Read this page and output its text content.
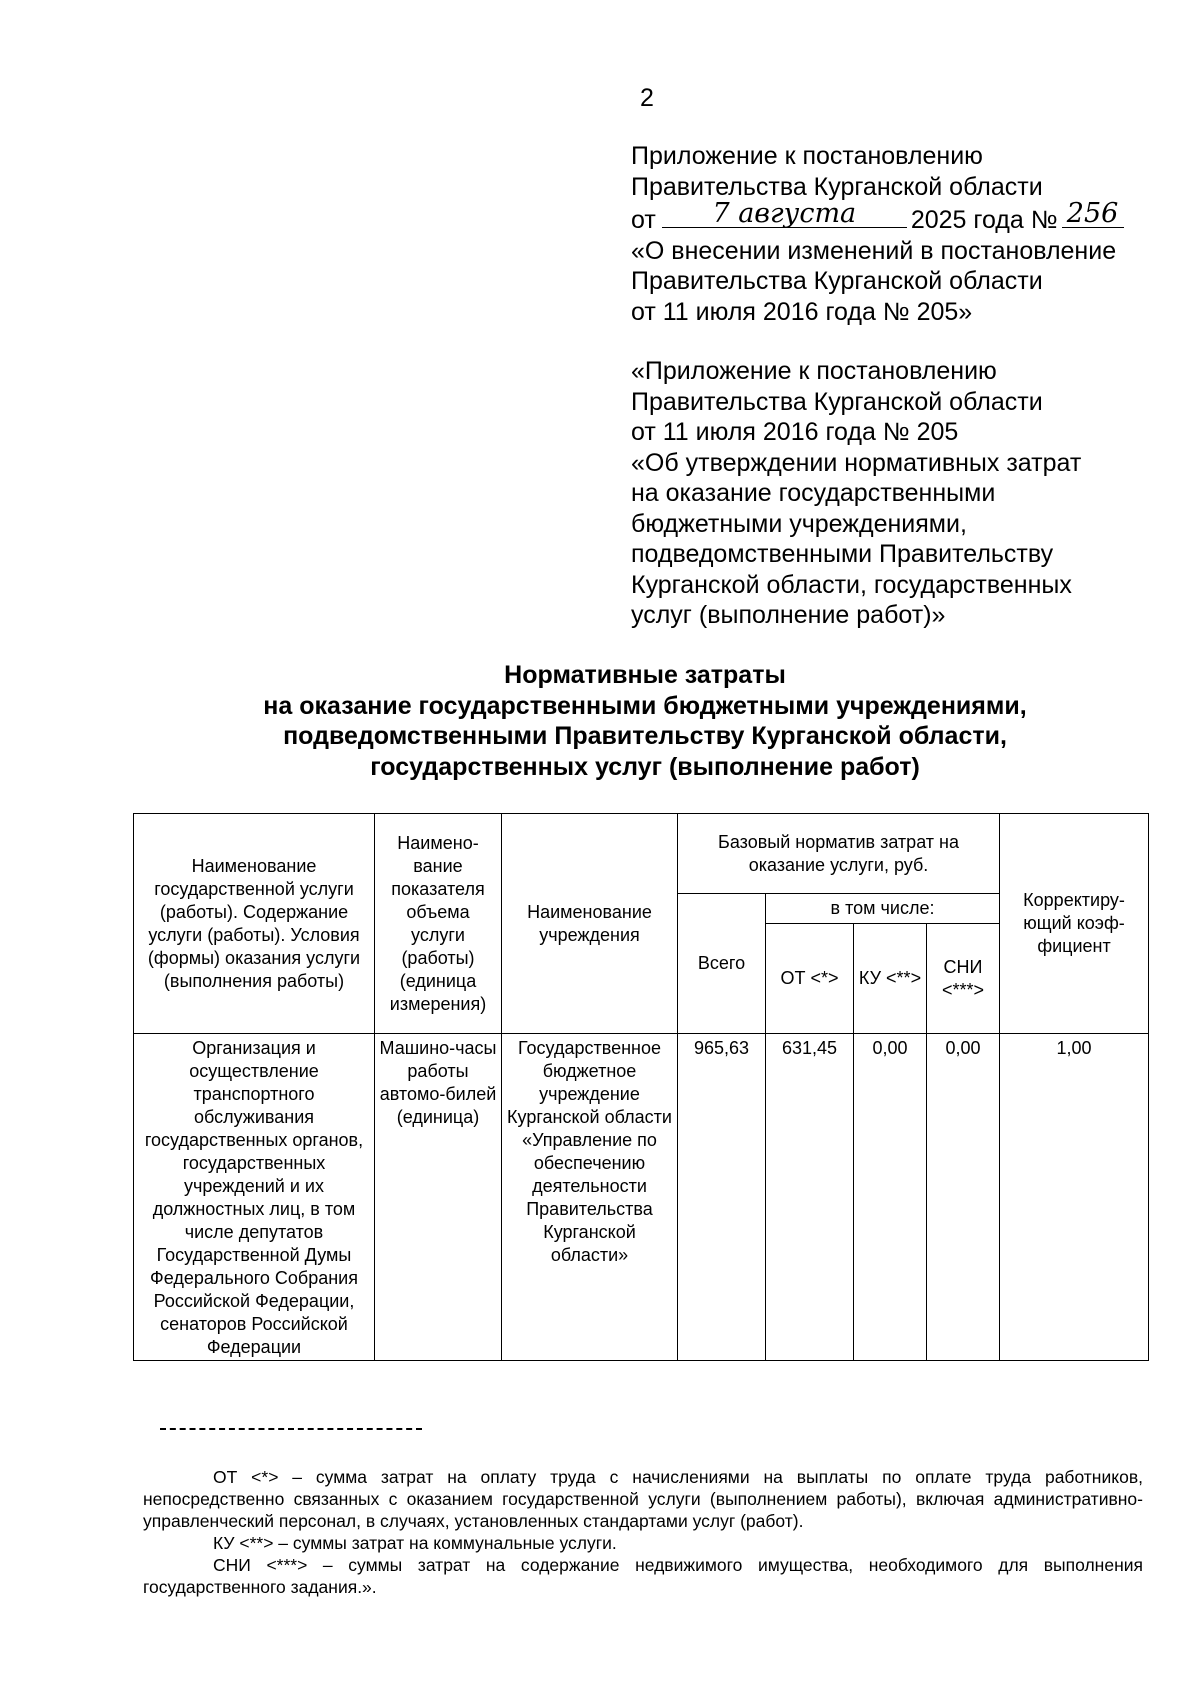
2
Приложение к постановлению
Правительства Курганской области
от	7 августа	2025 года № 256
«О внесении изменений в постановление
Правительства Курганской области
от 11 июля 2016 года № 205»
«Приложение к постановлению
Правительства Курганской области
от 11 июля 2016 года № 205
«Об утверждении нормативных затрат
на оказание государственными
бюджетными учреждениями,
подведомственными Правительству
Курганской области, государственных
услуг (выполнение работ)»
Нормативные затраты
на оказание государственными бюджетными учреждениями,
подведомственными Правительству Курганской области,
государственных услуг (выполнение работ)
Наименование государственной услуги (работы). Содержание услуги (работы). Условия (формы) оказания услуги (выполнения работы)	Наимено-вание показателя объема услуги (работы) (единица измерения)	Наименование учреждения	Базовый норматив затрат на оказание услуги, руб.				Корректиру-ющий коэф-фициент
			Всего	в том числе:			
				ОТ <*>	КУ <**>	СНИ <***>	
Организация и осуществление транспортного обслуживания государственных органов, государственных учреждений и их должностных лиц, в том числе депутатов Государственной Думы Федерального Собрания Российской Федерации, сенаторов Российской Федерации	Машино-часы работы автомо-билей (единица)	Государственное бюджетное учреждение Курганской области «Управление по обеспечению деятельности Правительства Курганской области»	965,63	631,45	0,00	0,00	1,00

ОТ <*> – сумма затрат на оплату труда с начислениями на выплаты по оплате труда работников, непосредственно связанных с оказанием государственной услуги (выполнением работы), включая административно-управленческий персонал, в случаях, установленных стандартами услуг (работ).

КУ <**> – суммы затрат на коммунальные услуги.

СНИ <***> – суммы затрат на содержание недвижимого имущества, необходимого для выполнения государственного задания.».
